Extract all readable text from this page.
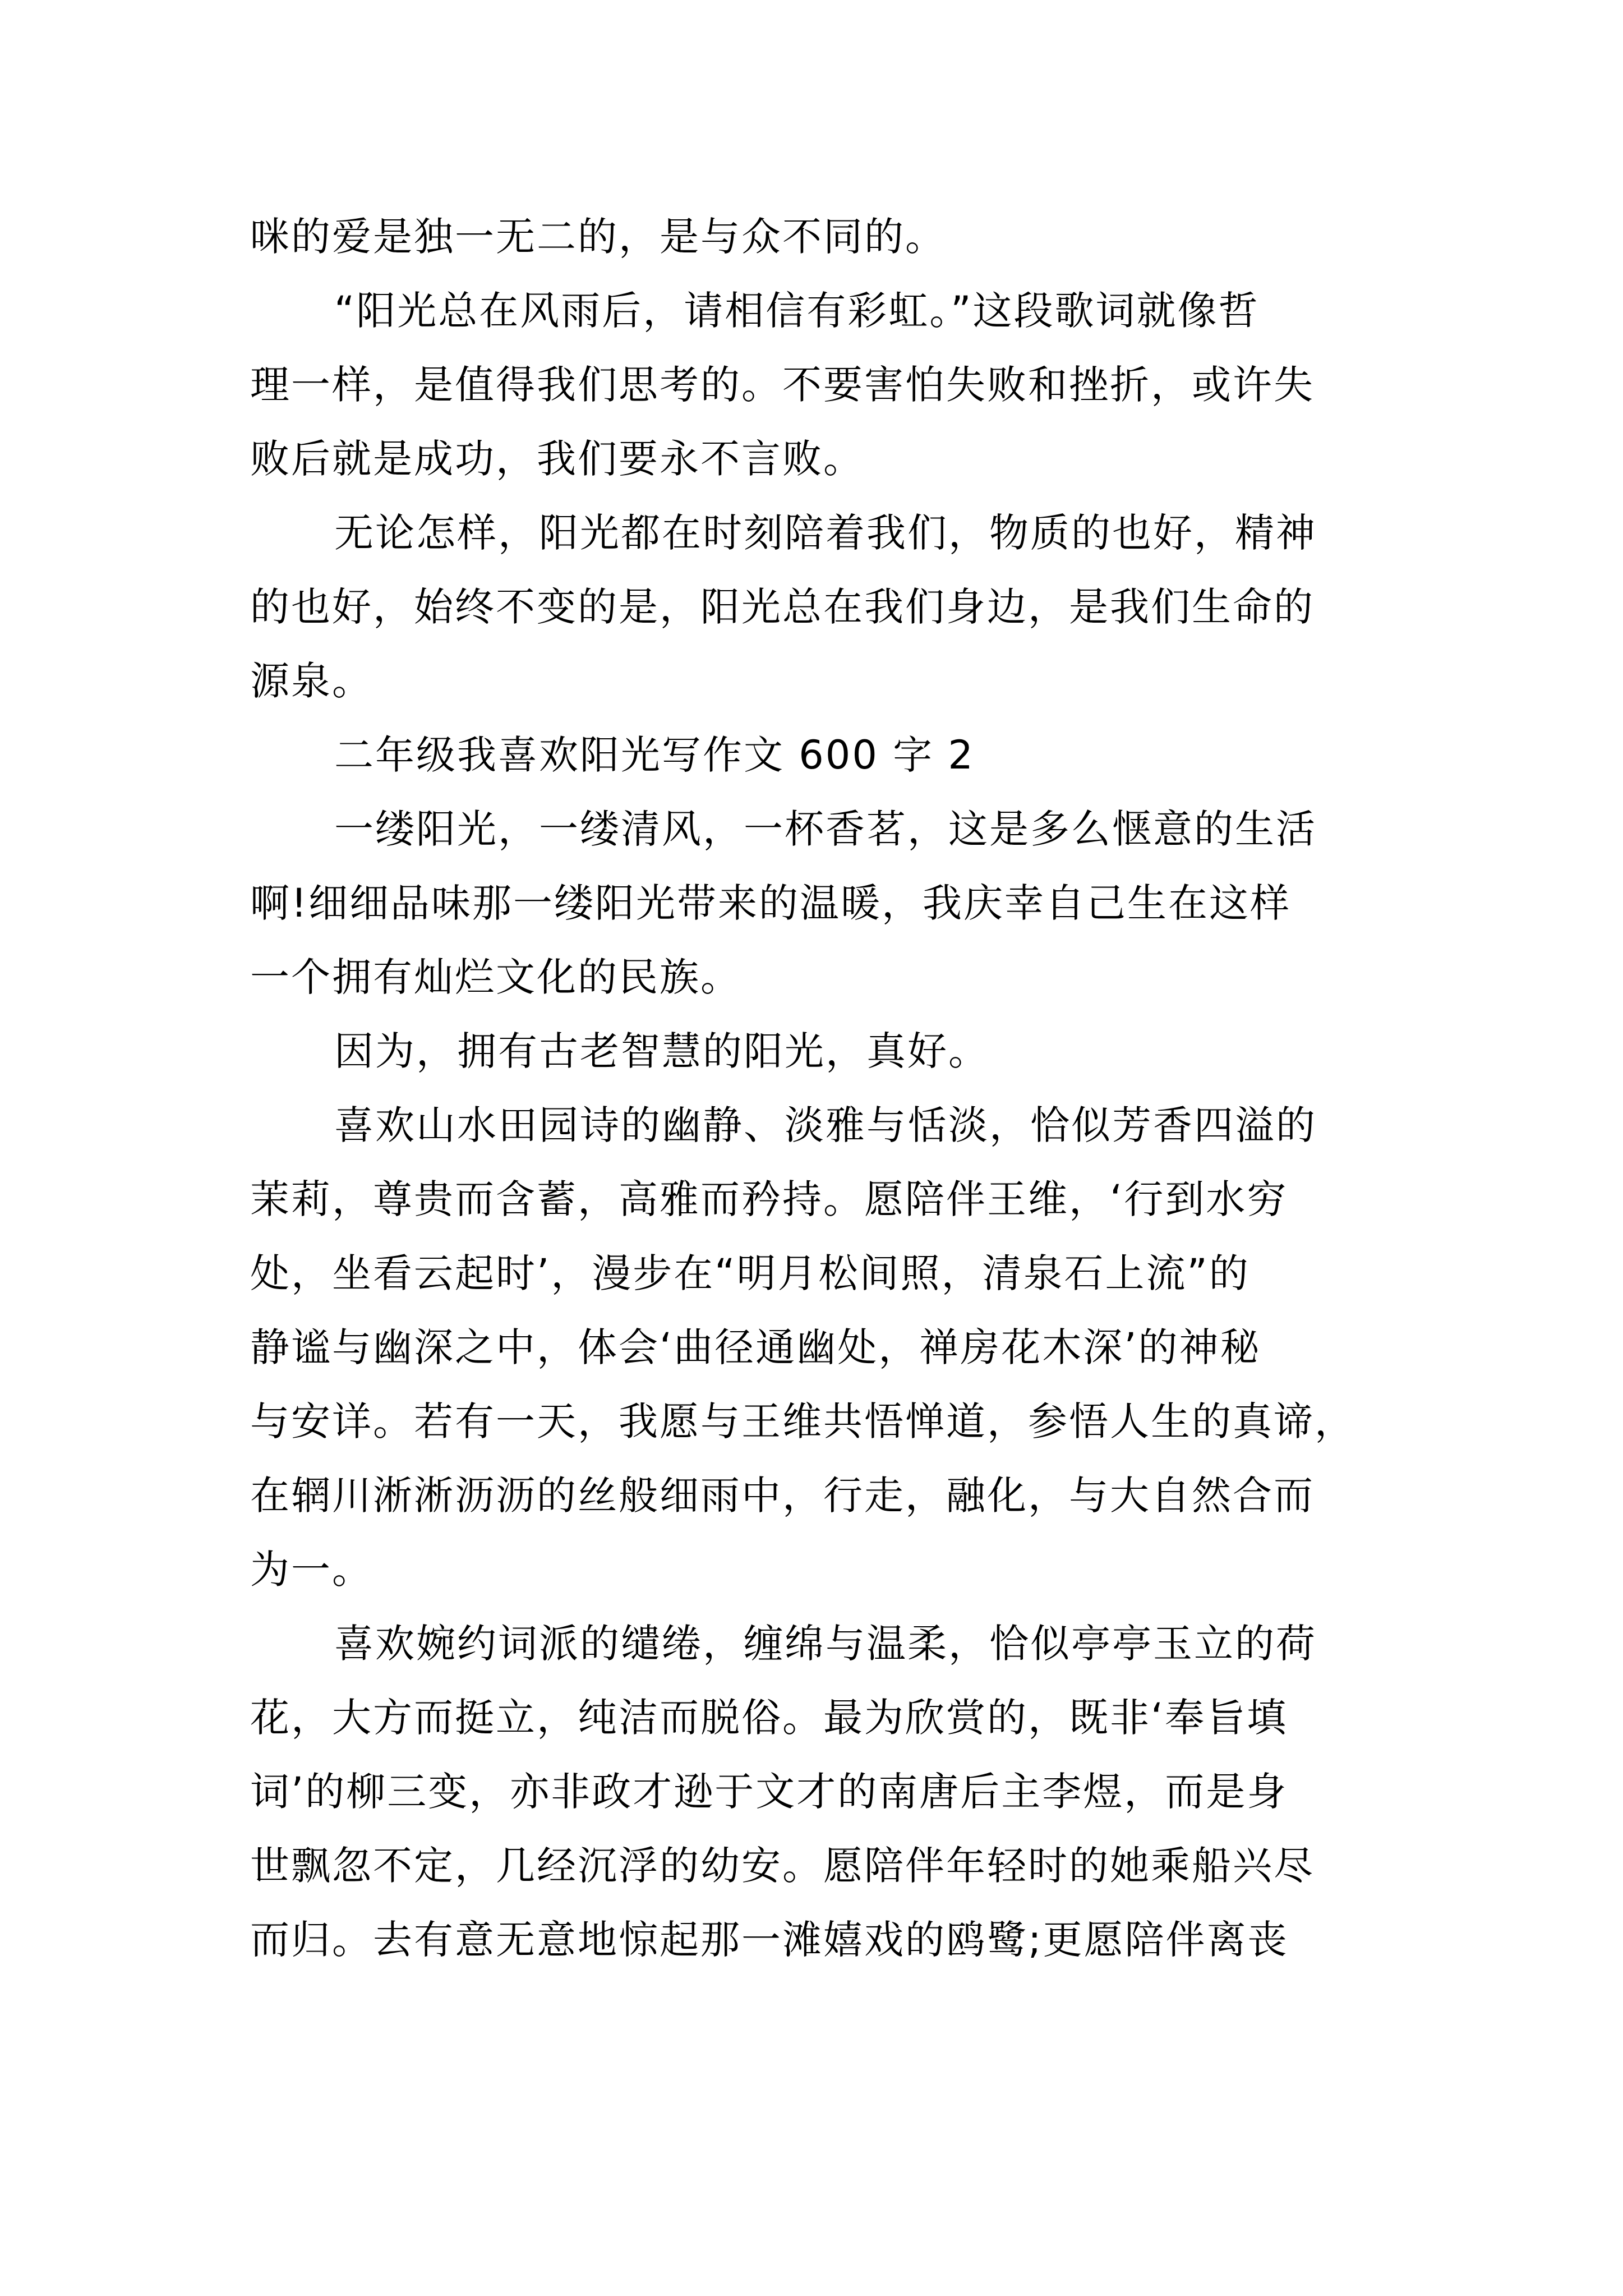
咪的爱是独一无二的，是与众不同的。
“阳光总在风雨后，请相信有彩虹。”这段歌词就像哲
理一样，是值得我们思考的。不要害怕失败和挫折，或许失
败后就是成功，我们要永不言败。
无论怎样，阳光都在时刻陪着我们，物质的也好，精神
的也好，始终不变的是，阳光总在我们身边，是我们生命的
源泉。
二年级我喜欢阳光写作文 600 字 2
一缕阳光，一缕清风，一杯香茗，这是多么惬意的生活
啊!细细品味那一缕阳光带来的温暖，我庆幸自己生在这样
一个拥有灿烂文化的民族。
因为，拥有古老智慧的阳光，真好。
喜欢山水田园诗的幽静、淡雅与恬淡，恰似芳香四溢的
茉莉，尊贵而含蓄，高雅而矜持。愿陪伴王维，‘行到水穷
处，坐看云起时’，漫步在“明月松间照，清泉石上流”的
静谧与幽深之中，体会‘曲径通幽处，禅房花木深’的神秘
与安详。若有一天，我愿与王维共悟惮道，参悟人生的真谛，
在辋川淅淅沥沥的丝般细雨中，行走，融化，与大自然合而
为一。
喜欢婉约词派的缱绻，缠绵与温柔，恰似亭亭玉立的荷
花，大方而挺立，纯洁而脱俗。最为欣赏的，既非‘奉旨填
词’的柳三变，亦非政才逊于文才的南唐后主李煜，而是身
世飘忽不定，几经沉浮的幼安。愿陪伴年轻时的她乘船兴尽
而归。去有意无意地惊起那一滩嬉戏的鸥鹭;更愿陪伴离丧
